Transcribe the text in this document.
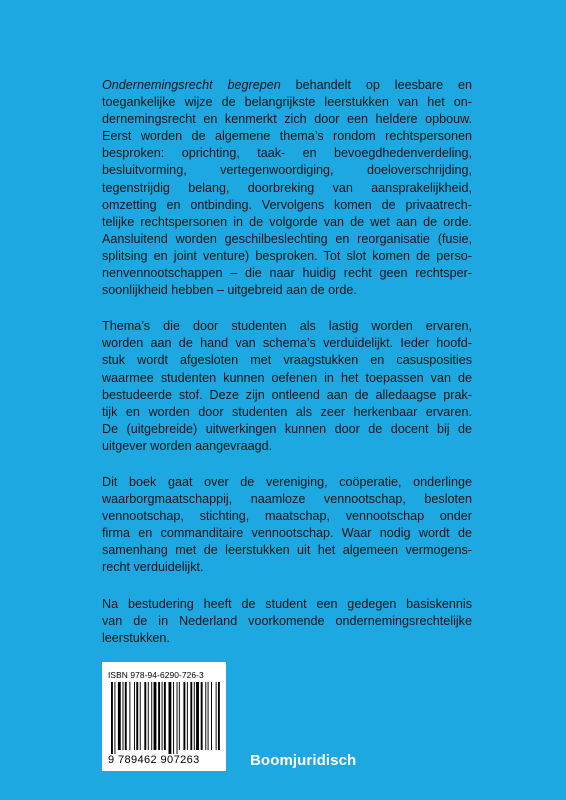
Ondernemingsrecht begrepen behandelt op leesbare en
toegankelijke wijze de belangrijkste leerstukken van het on-
dernemingsrecht en kenmerkt zich door een heldere opbouw.
Eerst worden de algemene thema’s rondom rechtspersonen
besproken: oprichting, taak- en bevoegdhedenverdeling,
besluitvorming, vertegenwoordiging, doeloverschrijding,
tegenstrijdig belang, doorbreking van aansprakelijkheid,
omzetting en ontbinding. Vervolgens komen de privaatrech-
telijke rechtspersonen in de volgorde van de wet aan de orde.
Aansluitend worden geschilbeslechting en reorganisatie (fusie,
splitsing en joint venture) besproken. Tot slot komen de perso-
nenvennootschappen – die naar huidig recht geen rechtsper-
soonlijkheid hebben – uitgebreid aan de orde.

Thema’s die door studenten als lastig worden ervaren,
worden aan de hand van schema’s verduidelijkt. Ieder hoofd-
stuk wordt afgesloten met vraagstukken en casusposities
waarmee studenten kunnen oefenen in het toepassen van de
bestudeerde stof. Deze zijn ontleend aan de alledaagse prak-
tijk en worden door studenten als zeer herkenbaar ervaren.
De (uitgebreide) uitwerkingen kunnen door de docent bij de
uitgever worden aangevraagd.

Dit boek gaat over de vereniging, coöperatie, onderlinge
waarborgmaatschappij, naamloze vennootschap, besloten
vennootschap, stichting, maatschap, vennootschap onder
firma en commanditaire vennootschap. Waar nodig wordt de
samenhang met de leerstukken uit het algemeen vermogens-
recht verduidelijkt.

Na bestudering heeft de student een gedegen basiskennis
van de in Nederland voorkomende ondernemingsrechtelijke
leerstukken.

ISBN 978-94-6290-726-3
9 789462 907263	Boomjuridisch
